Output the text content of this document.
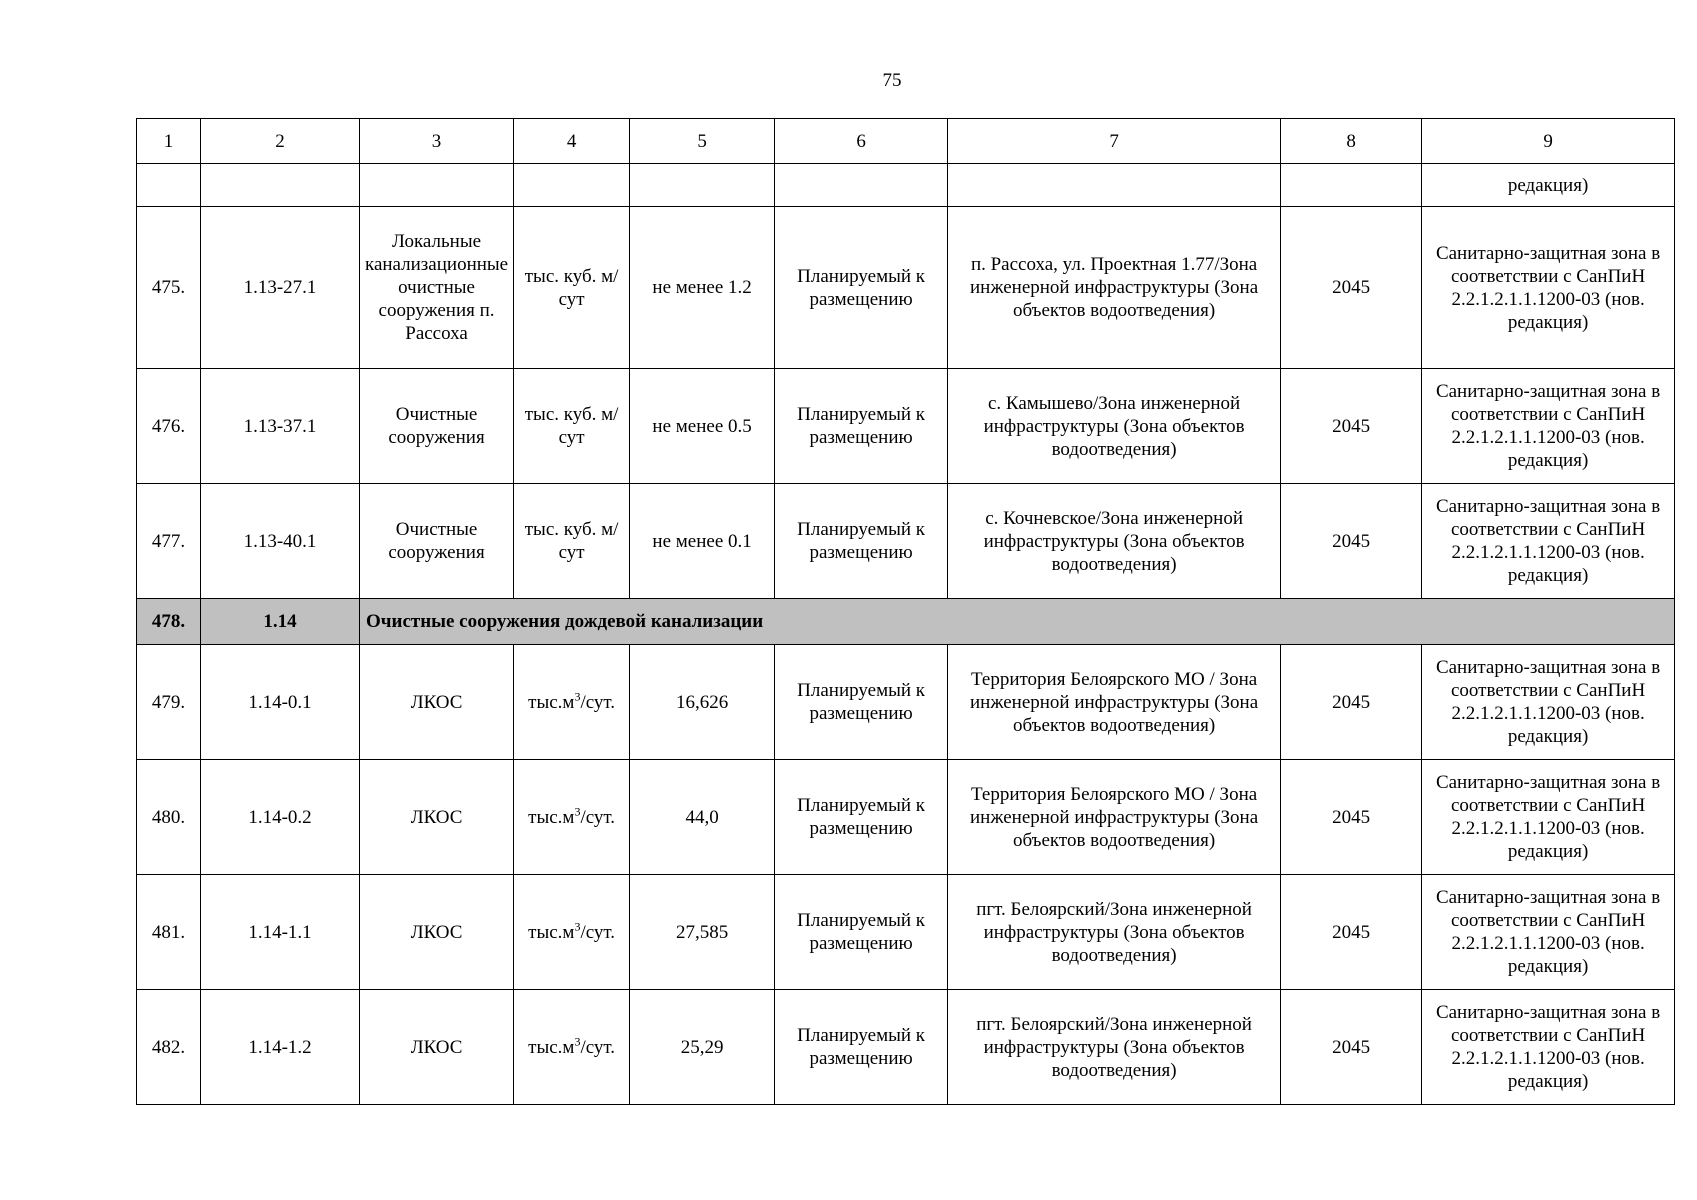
75
1	2	3	4	5	6	7	8	9
								редакция)
475.	1.13-27.1	Локальные канализационные очистные сооружения п. Рассоха	тыс. куб. м/сут	не менее 1.2	Планируемый к размещению	п. Рассоха, ул. Проектная 1.77/Зона инженерной инфраструктуры (Зона объектов водоотведения)	2045	Санитарно-защитная зона в соответствии с СанПиН 2.2.1.2.1.1.1200-03 (нов. редакция)
476.	1.13-37.1	Очистные сооружения	тыс. куб. м/сут	не менее 0.5	Планируемый к размещению	с. Камышево/Зона инженерной инфраструктуры (Зона объектов водоотведения)	2045	Санитарно-защитная зона в соответствии с СанПиН 2.2.1.2.1.1.1200-03 (нов. редакция)
477.	1.13-40.1	Очистные сооружения	тыс. куб. м/сут	не менее 0.1	Планируемый к размещению	с. Кочневское/Зона инженерной инфраструктуры (Зона объектов водоотведения)	2045	Санитарно-защитная зона в соответствии с СанПиН 2.2.1.2.1.1.1200-03 (нов. редакция)
478.	1.14	Очистные сооружения дождевой канализации						
479.	1.14-0.1	ЛКОС	$тыс.м^3$/сут.	16,626	Планируемый к размещению	Территория Белоярского МО / Зона инженерной инфраструктуры (Зона объектов водоотведения)	2045	Санитарно-защитная зона в соответствии с СанПиН 2.2.1.2.1.1.1200-03 (нов. редакция)
480.	1.14-0.2	ЛКОС	$тыс.м^3$/сут.	44,0	Планируемый к размещению	Территория Белоярского МО / Зона инженерной инфраструктуры (Зона объектов водоотведения)	2045	Санитарно-защитная зона в соответствии с СанПиН 2.2.1.2.1.1.1200-03 (нов. редакция)
481.	1.14-1.1	ЛКОС	$тыс.м^3$/сут.	27,585	Планируемый к размещению	пгт. Белоярский/Зона инженерной инфраструктуры (Зона объектов водоотведения)	2045	Санитарно-защитная зона в соответствии с СанПиН 2.2.1.2.1.1.1200-03 (нов. редакция)
482.	1.14-1.2	ЛКОС	$тыс.м^3$/сут.	25,29	Планируемый к размещению	пгт. Белоярский/Зона инженерной инфраструктуры (Зона объектов водоотведения)	2045	Санитарно-защитная зона в соответствии с СанПиН 2.2.1.2.1.1.1200-03 (нов. редакция)
